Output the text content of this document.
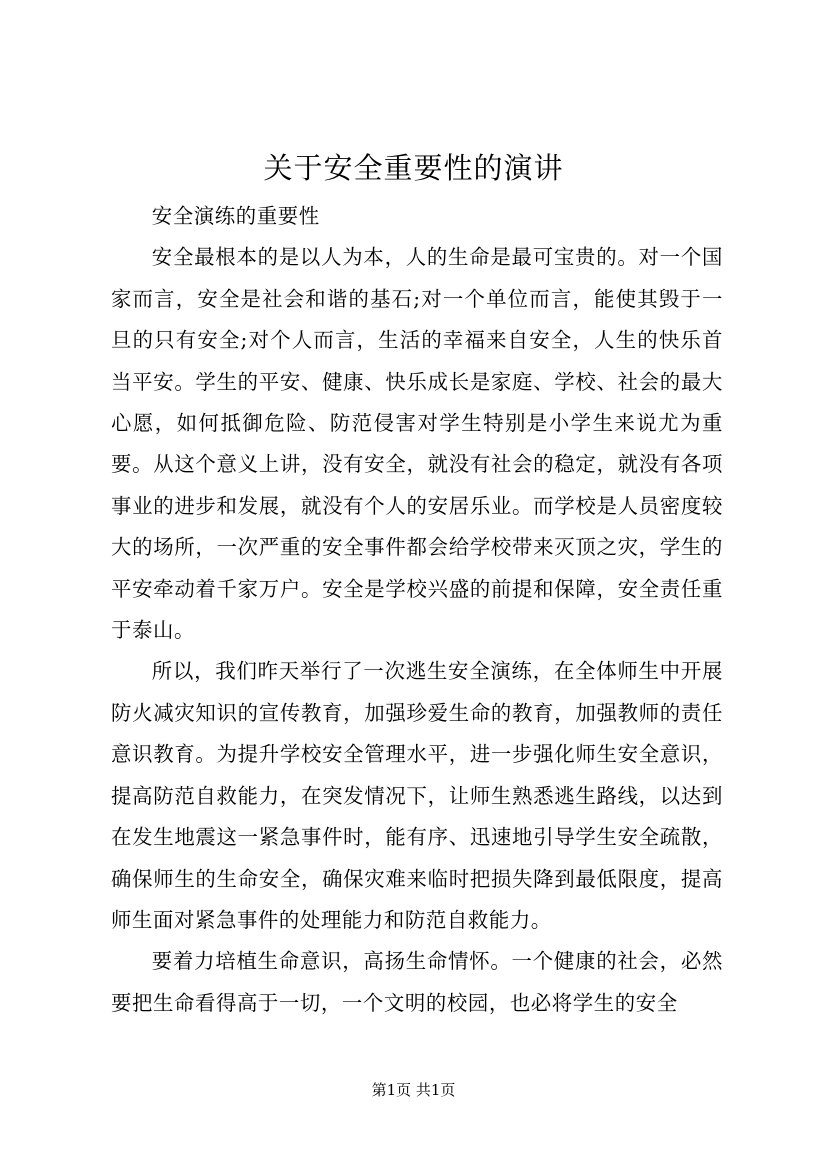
关于安全重要性的演讲

安全演练的重要性

安全最根本的是以人为本，人的生命是最可宝贵的。对一个国家而言，安全是社会和谐的基石;对一个单位而言，能使其毁于一旦的只有安全;对个人而言，生活的幸福来自安全，人生的快乐首当平安。学生的平安、健康、快乐成长是家庭、学校、社会的最大心愿，如何抵御危险、防范侵害对学生特别是小学生来说尤为重要。从这个意义上讲，没有安全，就没有社会的稳定，就没有各项事业的进步和发展，就没有个人的安居乐业。而学校是人员密度较大的场所，一次严重的安全事件都会给学校带来灭顶之灾，学生的平安牵动着千家万户。安全是学校兴盛的前提和保障，安全责任重于泰山。

所以，我们昨天举行了一次逃生安全演练，在全体师生中开展防火减灾知识的宣传教育，加强珍爱生命的教育，加强教师的责任意识教育。为提升学校安全管理水平，进一步强化师生安全意识，提高防范自救能力，在突发情况下，让师生熟悉逃生路线，以达到在发生地震这一紧急事件时，能有序、迅速地引导学生安全疏散，确保师生的生命安全，确保灾难来临时把损失降到最低限度，提高师生面对紧急事件的处理能力和防范自救能力。

要着力培植生命意识，高扬生命情怀。一个健康的社会，必然要把生命看得高于一切，一个文明的校园，也必将学生的安全

第1页 共1页
